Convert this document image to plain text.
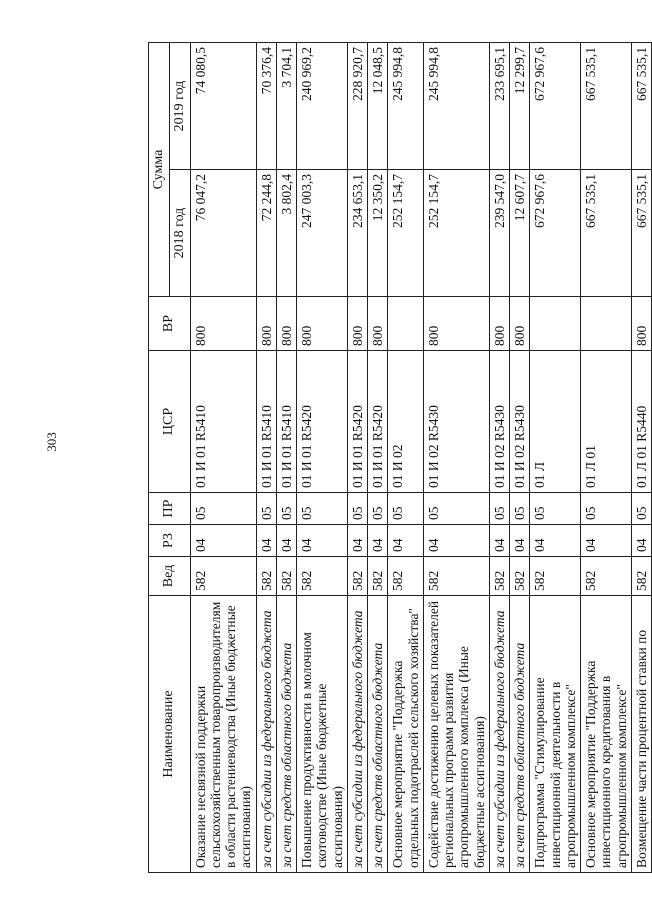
303
Наименование	Вед	РЗ	ПР	ЦСР	ВР	Сумма	
						2018 год	2019 год
Оказание несвязной поддержки сельскохозяйственным товаропроизводителям в области растениеводства (Иные бюджетные ассигнования)	582	04	05	01 И 01 R5410	800	76 047,2	74 080,5
за счет субсидии из федерального бюджета	582	04	05	01 И 01 R5410	800	72 244,8	70 376,4
за счет средств областного бюджета	582	04	05	01 И 01 R5410	800	3 802,4	3 704,1
Повышение продуктивности в молочном скотоводстве (Иные бюджетные ассигнования)	582	04	05	01 И 01 R5420	800	247 003,3	240 969,2
за счет субсидии из федерального бюджета	582	04	05	01 И 01 R5420	800	234 653,1	228 920,7
за счет средств областного бюджета	582	04	05	01 И 01 R5420	800	12 350,2	12 048,5
Основное мероприятие "Поддержка отдельных подотраслей сельского хозяйства"	582	04	05	01 И 02		252 154,7	245 994,8
Содействие достижению целевых показателей региональных программ развития агропромышленного комплекса (Иные бюджетные ассигнования)	582	04	05	01 И 02 R5430	800	252 154,7	245 994,8
за счет субсидии из федерального бюджета	582	04	05	01 И 02 R5430	800	239 547,0	233 695,1
за счет средств областного бюджета	582	04	05	01 И 02 R5430	800	12 607,7	12 299,7
Подпрограмма "Стимулирование инвестиционной деятельности в агропромышленном комплексе"	582	04	05	01 Л		672 967,6	672 967,6
Основное мероприятие "Поддержка инвестиционного кредитования в агропромышленном комплексе"	582	04	05	01 Л 01		667 535,1	667 535,1
Возмещение части процентной ставки по	582	04	05	01 Л 01 R5440	800	667 535,1	667 535,1
